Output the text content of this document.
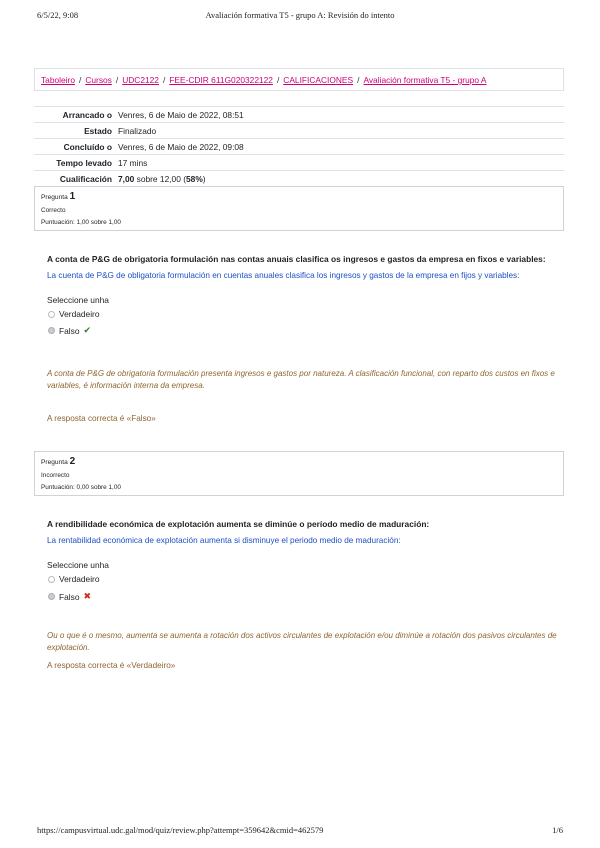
6/5/22, 9:08	Avaliación formativa T5 - grupo A: Revisión do intento
Taboleiro / Cursos / UDC2122 / FEE-CDIR 611G020322122 / CALIFICACIONES / Avaliación formativa T5 - grupo A
Arrancado o Venres, 6 de Maio de 2022, 08:51
Estado Finalizado
Concluído o Venres, 6 de Maio de 2022, 09:08
Tempo levado 17 mins
Cualificación 7,00 sobre 12,00 (58%)
Pregunta 1
Correcto
Puntuación: 1,00 sobre 1,00
A conta de P&G de obrigatoria formulación nas contas anuais clasifica os ingresos e gastos da empresa en fixos e variables:
La cuenta de P&G de obligatoria formulación en cuentas anuales clasifica los ingresos y gastos de la empresa en fijos y variables:
Seleccione unha
Verdadeiro
Falso ✔
A conta de P&G de obrigatoria formulación presenta ingresos e gastos por natureza. A clasificación funcional, con reparto dos custos en fixos e variables, é información interna da empresa.
A resposta correcta é «Falso»
Pregunta 2
Incorrecto
Puntuación: 0,00 sobre 1,00
A rendibilidade económica de explotación aumenta se diminúe o período medio de maduración:
La rentabilidad económica de explotación aumenta si disminuye el periodo medio de maduración:
Seleccione unha
Verdadeiro
Falso ✖
Ou o que é o mesmo, aumenta se aumenta a rotación dos activos circulantes de explotación e/ou diminúe a rotación dos pasivos circulantes de explotación.
A resposta correcta é «Verdadeiro»
https://campusvirtual.udc.gal/mod/quiz/review.php?attempt=359642&cmid=462579	1/6
